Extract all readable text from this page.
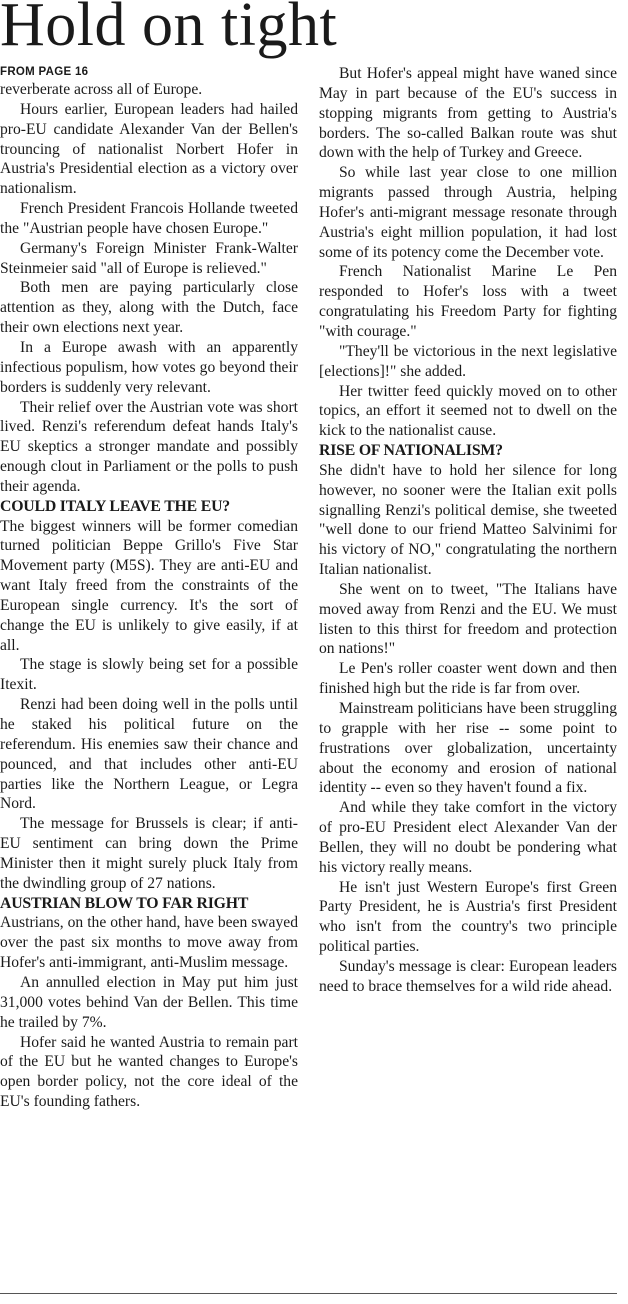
Hold on tight
FROM PAGE 16

reverberate across all of Europe.

Hours earlier, European leaders had hailed pro-EU candidate Alexander Van der Bellen's trouncing of nationalist Norbert Hofer in Austria's Presidential election as a victory over nationalism.

French President Francois Hollande tweeted the "Austrian people have chosen Europe."

Germany's Foreign Minister Frank-Walter Steinmeier said "all of Europe is relieved."

Both men are paying particularly close attention as they, along with the Dutch, face their own elections next year.

In a Europe awash with an apparently infectious populism, how votes go beyond their borders is suddenly very relevant.

Their relief over the Austrian vote was short lived. Renzi's referendum defeat hands Italy's EU skeptics a stronger mandate and possibly enough clout in Parliament or the polls to push their agenda.

COULD ITALY LEAVE THE EU?

The biggest winners will be former comedian turned politician Beppe Grillo's Five Star Movement party (M5S). They are anti-EU and want Italy freed from the constraints of the European single currency. It's the sort of change the EU is unlikely to give easily, if at all.

The stage is slowly being set for a possible Itexit.

Renzi had been doing well in the polls until he staked his political future on the referendum. His enemies saw their chance and pounced, and that includes other anti-EU parties like the Northern League, or Legra Nord.

The message for Brussels is clear; if anti-EU sentiment can bring down the Prime Minister then it might surely pluck Italy from the dwindling group of 27 nations.

AUSTRIAN BLOW TO FAR RIGHT

Austrians, on the other hand, have been swayed over the past six months to move away from Hofer's anti-immigrant, anti-Muslim message.

An annulled election in May put him just 31,000 votes behind Van der Bellen. This time he trailed by 7%.

Hofer said he wanted Austria to remain part of the EU but he wanted changes to Europe's open border policy, not the core ideal of the EU's founding fathers.

But Hofer's appeal might have waned since May in part because of the EU's success in stopping migrants from getting to Austria's borders. The so-called Balkan route was shut down with the help of Turkey and Greece.

So while last year close to one million migrants passed through Austria, helping Hofer's anti-migrant message resonate through Austria's eight million population, it had lost some of its potency come the December vote.

French Nationalist Marine Le Pen responded to Hofer's loss with a tweet congratulating his Freedom Party for fighting "with courage."

"They'll be victorious in the next legislative [elections]!" she added.

Her twitter feed quickly moved on to other topics, an effort it seemed not to dwell on the kick to the nationalist cause.

RISE OF NATIONALISM?

She didn't have to hold her silence for long however, no sooner were the Italian exit polls signalling Renzi's political demise, she tweeted "well done to our friend Matteo Salvinimi for his victory of NO," congratulating the northern Italian nationalist.

She went on to tweet, "The Italians have moved away from Renzi and the EU. We must listen to this thirst for freedom and protection on nations!"

Le Pen's roller coaster went down and then finished high but the ride is far from over.

Mainstream politicians have been struggling to grapple with her rise -- some point to frustrations over globalization, uncertainty about the economy and erosion of national identity -- even so they haven't found a fix.

And while they take comfort in the victory of pro-EU President elect Alexander Van der Bellen, they will no doubt be pondering what his victory really means.

He isn't just Western Europe's first Green Party President, he is Austria's first President who isn't from the country's two principle political parties.

Sunday's message is clear: European leaders need to brace themselves for a wild ride ahead.
